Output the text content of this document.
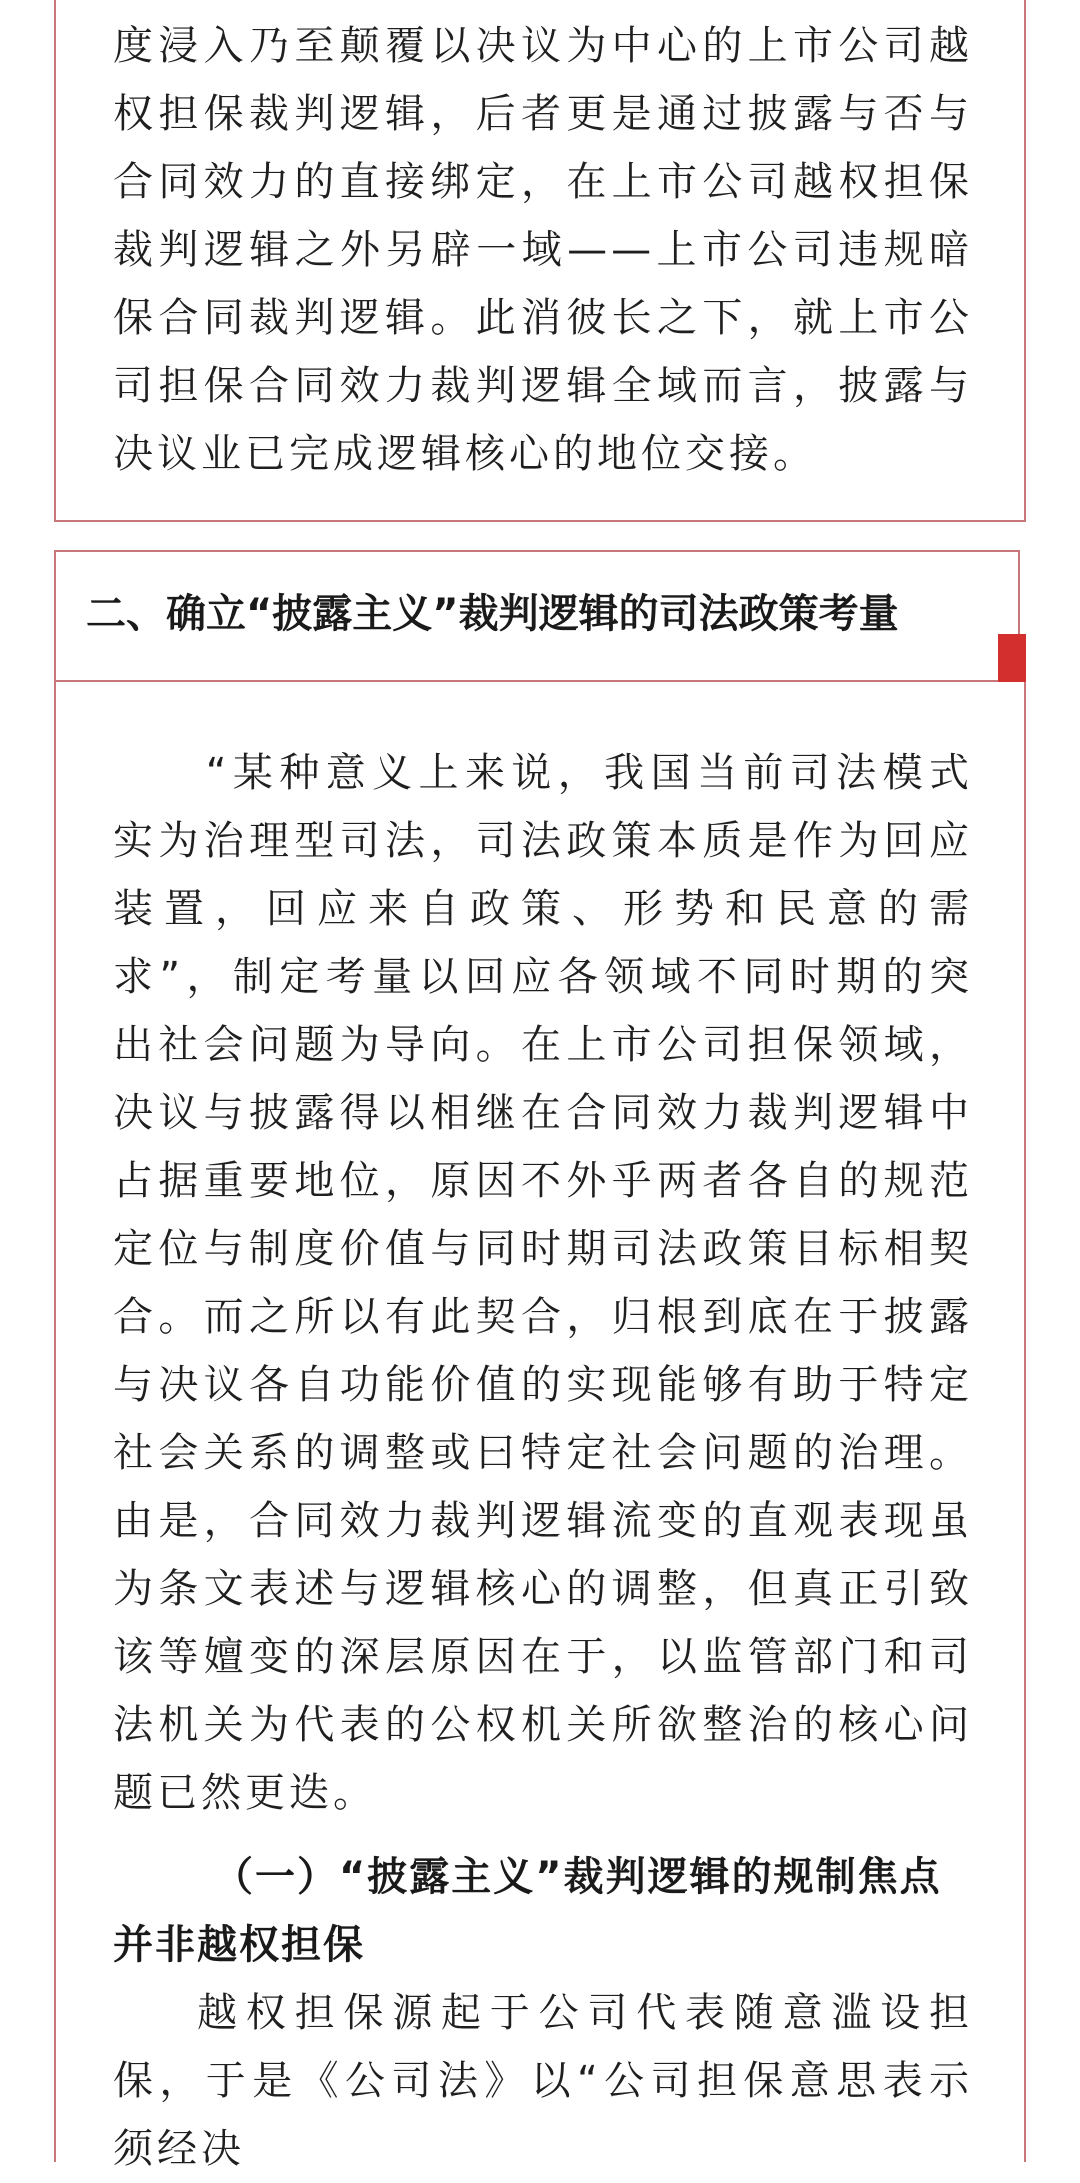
度浸入乃至颠覆以决议为中心的上市公司越权担保裁判逻辑，后者更是通过披露与否与合同效力的直接绑定，在上市公司越权担保裁判逻辑之外另辟一域——上市公司违规暗保合同裁判逻辑。此消彼长之下，就上市公司担保合同效力裁判逻辑全域而言，披露与决议业已完成逻辑核心的地位交接。

二、确立“披露主义”裁判逻辑的司法政策考量

　　“某种意义上来说，我国当前司法模式实为治理型司法，司法政策本质是作为回应装置，回应来自政策、形势和民意的需求”，制定考量以回应各领域不同时期的突出社会问题为导向。在上市公司担保领域，决议与披露得以相继在合同效力裁判逻辑中占据重要地位，原因不外乎两者各自的规范定位与制度价值与同时期司法政策目标相契合。而之所以有此契合，归根到底在于披露与决议各自功能价值的实现能够有助于特定社会关系的调整或曰特定社会问题的治理。由是，合同效力裁判逻辑流变的直观表现虽为条文表述与逻辑核心的调整，但真正引致该等嬗变的深层原因在于，以监管部门和司法机关为代表的公权机关所欲整治的核心问题已然更迭。

（一）“披露主义”裁判逻辑的规制焦点并非越权担保

越权担保源起于公司代表随意滥设担保，于是《公司法》以“公司担保意思表示须经决
